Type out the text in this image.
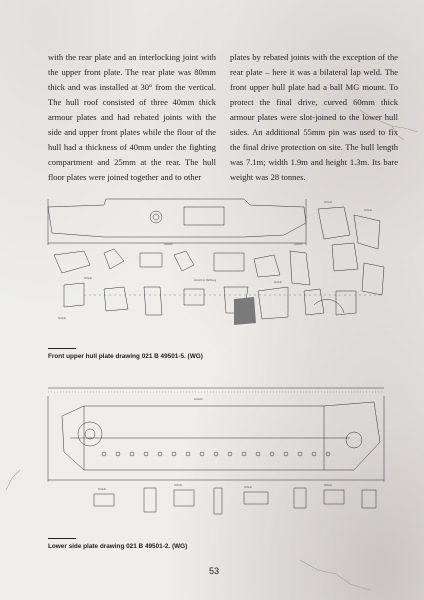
with the rear plate and an interlocking joint with the upper front plate. The rear plate was 80mm thick and was installed at 30° from the vertical. The hull roof consisted of three 40mm thick armour plates and had rebated joints with the side and upper front plates while the floor of the hull had a thickness of 40mm under the fighting compartment and 25mm at the rear. The hull floor plates were joined together and to other
plates by rebated joints with the exception of the rear plate – here it was a bilateral lap weld. The front upper hull plate had a ball MG mount. To protect the final drive, curved 60mm thick armour plates were slot-joined to the lower hull sides. An additional 55mm pin was used to fix the final drive protection on site. The hull length was 7.1m; width 1.9m and height 1.3m. Its bare weight was 28 tonnes.
Ansicht
Schnitt
Schnitt
Schnitt
Ansicht in Richtung
Schnitt
Ansicht
Schnitt
Front upper hull plate drawing 021 B 49501-5. (WG)
Ansicht
Schnitt
Schnitt
Schnitt
Schnitt
Lower side plate drawing 021 B 49501-2. (WG)
53
